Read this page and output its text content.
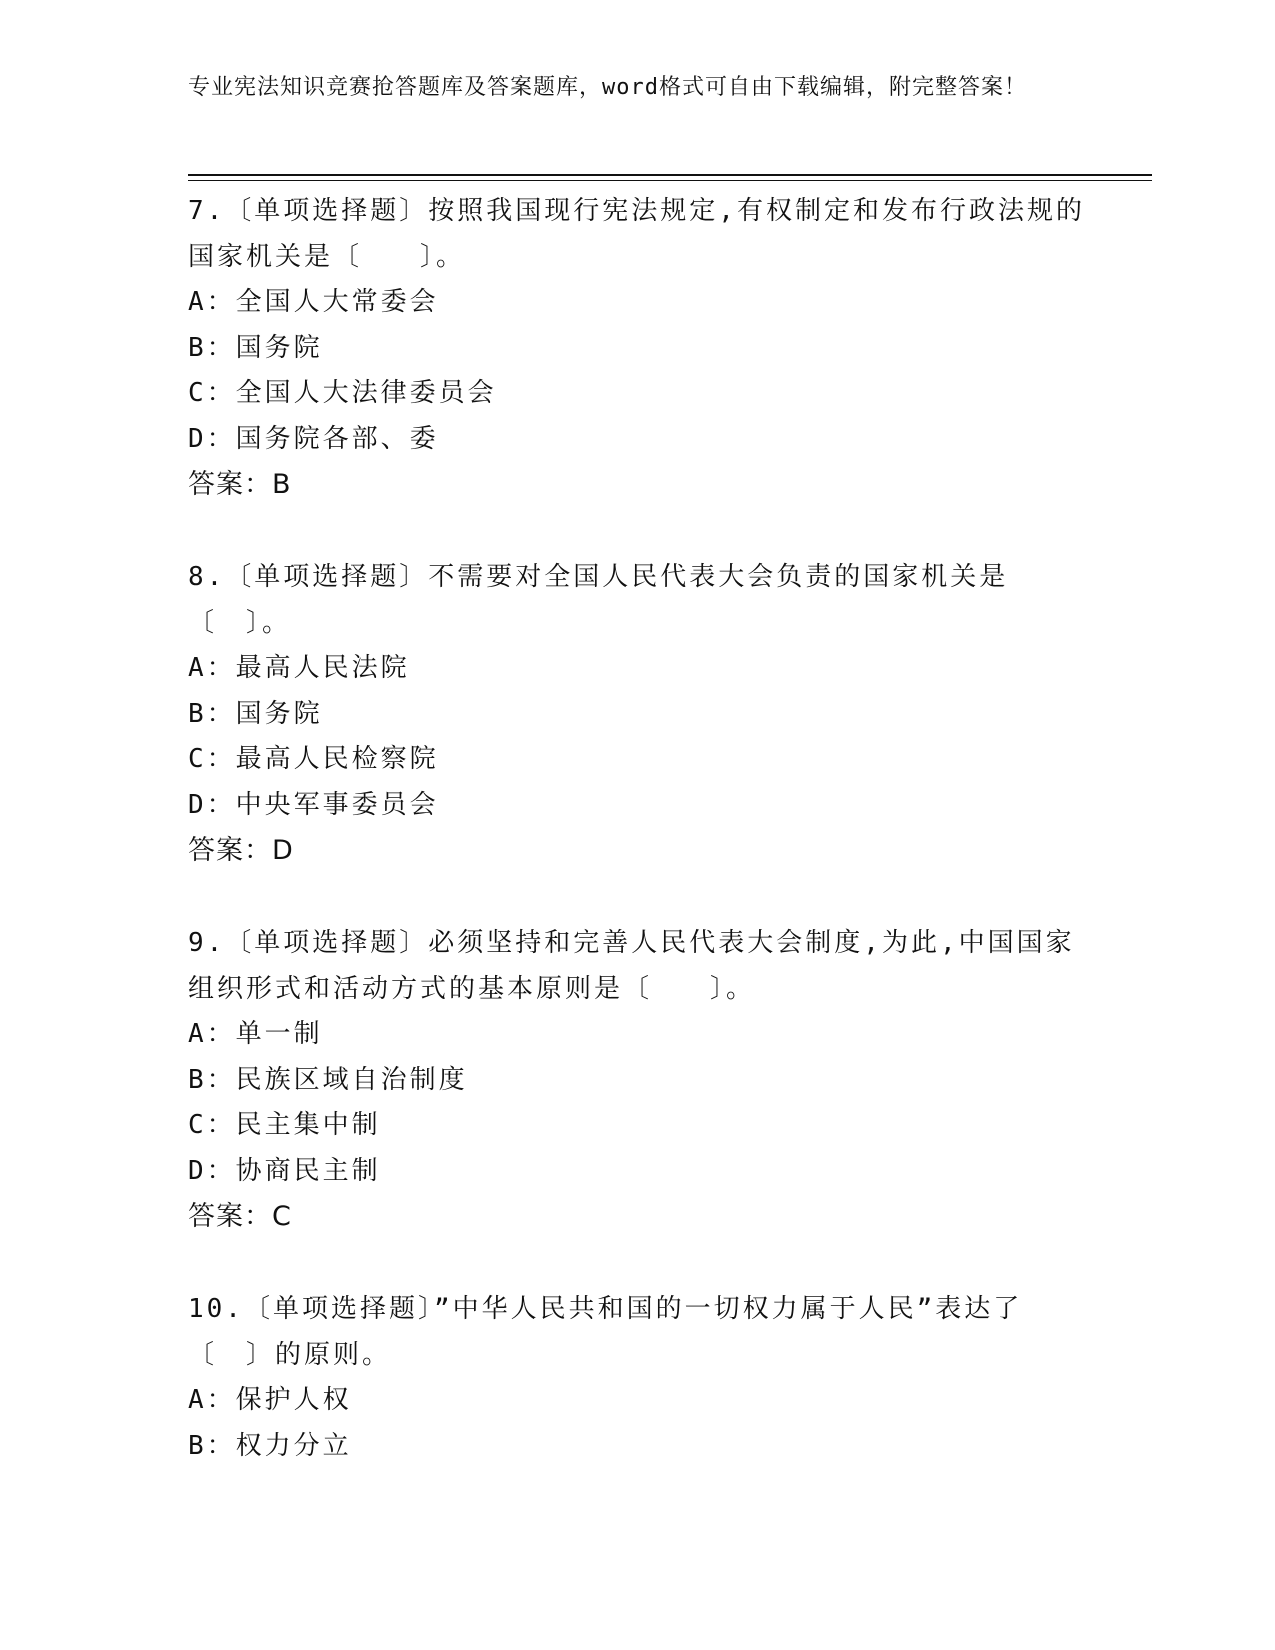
专业宪法知识竞赛抢答题库及答案题库，word格式可自由下载编辑，附完整答案！
7.〔单项选择题〕按照我国现行宪法规定,有权制定和发布行政法规的国家机关是〔　　〕。
A：全国人大常委会
B：国务院
C：全国人大法律委员会
D：国务院各部、委
答案：B
8.〔单项选择题〕不需要对全国人民代表大会负责的国家机关是〔　〕。
A：最高人民法院
B：国务院
C：最高人民检察院
D：中央军事委员会
答案：D
9.〔单项选择题〕必须坚持和完善人民代表大会制度,为此,中国国家组织形式和活动方式的基本原则是〔　　〕。
A：单一制
B：民族区域自治制度
C：民主集中制
D：协商民主制
答案：C
10.〔单项选择题〕”中华人民共和国的一切权力属于人民”表达了〔　〕的原则。
A：保护人权
B：权力分立
